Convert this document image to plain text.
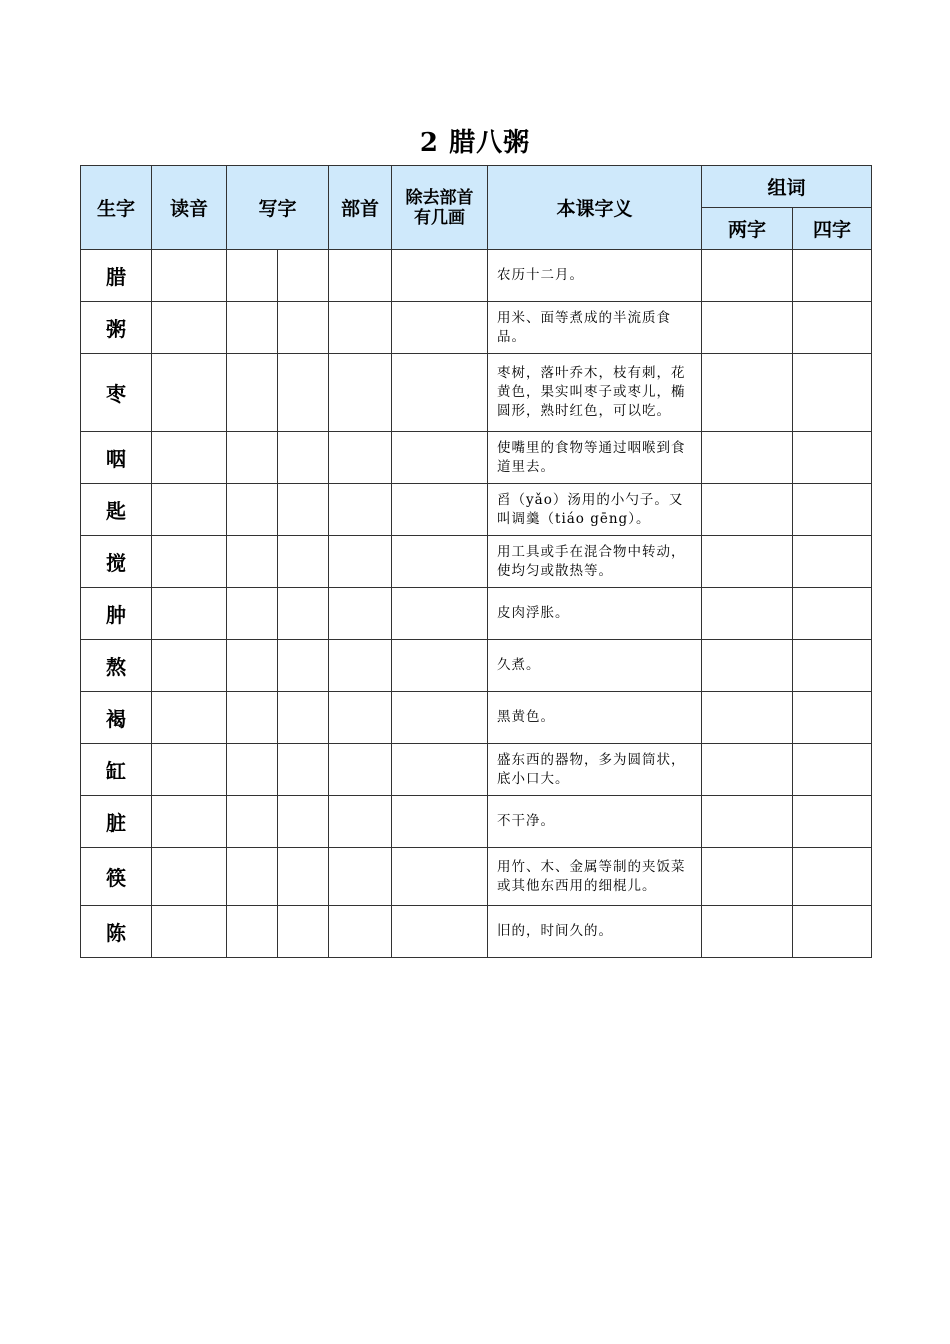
2 腊八粥
生字	读音	写字		部首	除去部首有几画	本课字义	组词	
							两字	四字
腊						农历十二月。		
粥						用米、面等煮成的半流质食品。		
枣						枣树，落叶乔木，枝有刺，花黄色，果实叫枣子或枣儿，椭圆形，熟时红色，可以吃。		
咽						使嘴里的食物等通过咽喉到食道里去。		
匙						舀（yǎo）汤用的小勺子。又叫调羹（tiáo gēng）。		
搅						用工具或手在混合物中转动，使均匀或散热等。		
肿						皮肉浮胀。		
熬						久煮。		
褐						黑黄色。		
缸						盛东西的器物，多为圆筒状，底小口大。		
脏						不干净。		
筷						用竹、木、金属等制的夹饭菜或其他东西用的细棍儿。		
陈						旧的，时间久的。		
